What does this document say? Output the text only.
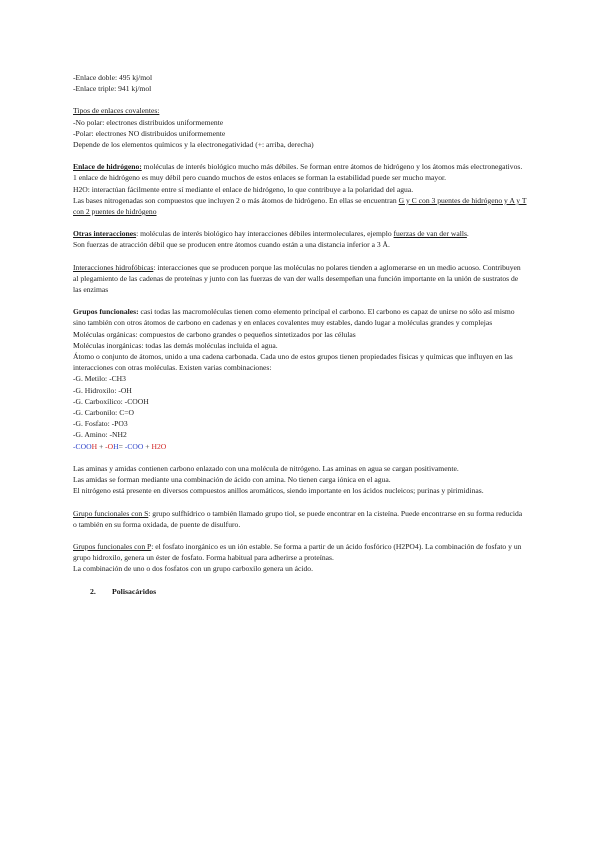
-Enlace doble: 495 kj/mol

-Enlace triple: 941 kj/mol

Tipos de enlaces covalentes:

-No polar: electrones distribuidos uniformemente

-Polar: electrones NO distribuidos uniformemente

Depende de los elementos químicos y la electronegatividad (+: arriba, derecha)

Enlace de hidrógeno: moléculas de interés biológico mucho más débiles. Se forman entre átomos de hidrógeno y los átomos más electronegativos.

1 enlace de hidrógeno es muy débil pero cuando muchos de estos enlaces se forman la estabilidad puede ser mucho mayor.

H2O: interactúan fácilmente entre sí mediante el enlace de hidrógeno, lo que contribuye a la polaridad del agua.

Las bases nitrogenadas son compuestos que incluyen 2 o más átomos de hidrógeno. En ellas se encuentran G y C con 3 puentes de hidrógeno y A y T con 2 puentes de hidrógeno

Otras interacciones: moléculas de interés biológico hay interacciones débiles intermoleculares, ejemplo fuerzas de van der walls.

Son fuerzas de atracción débil que se producen entre átomos cuando están a una distancia inferior a 3 Å.

Interacciones hidrofóbicas: interacciones que se producen porque las moléculas no polares tienden a aglomerarse en un medio acuoso. Contribuyen al plegamiento de las cadenas de proteínas y junto con las fuerzas de van der walls desempeñan una función importante en la unión de sustratos de las enzimas

Grupos funcionales: casi todas las macromoléculas tienen como elemento principal el carbono. El carbono es capaz de unirse no sólo así mismo sino también con otros átomos de carbono en cadenas y en enlaces covalentes muy estables, dando lugar a moléculas grandes y complejas

Moléculas orgánicas: compuestos de carbono grandes o pequeños sintetizados por las células

Moléculas inorgánicas: todas las demás moléculas incluida el agua.

Átomo o conjunto de átomos, unido a una cadena carbonada. Cada uno de estos grupos tienen propiedades físicas y químicas que influyen en las interacciones con otras moléculas. Existen varias combinaciones:

-G. Metilo: -CH3

-G. Hidroxilo: -OH

-G. Carboxílico: -COOH

-G. Carbonilo: C=O

-G. Fosfato: -PO3

-G. Amino: -NH2

-COOH + -OH= -COO + H2O

Las aminas y amidas contienen carbono enlazado con una molécula de nitrógeno. Las aminas en agua se cargan positivamente.

Las amidas se forman mediante una combinación de ácido con amina. No tienen carga iónica en el agua.

El nitrógeno está presente en diversos compuestos anillos aromáticos, siendo importante en los ácidos nucleicos; purinas y pirimidinas.

Grupo funcionales con S: grupo sulfhídrico o también llamado grupo tiol, se puede encontrar en la cisteína. Puede encontrarse en su forma reducida o también en su forma oxidada, de puente de disulfuro.

Grupos funcionales con P: el fosfato inorgánico es un ión estable. Se forma a partir de un ácido fosfórico (H2PO4). La combinación de fosfato y un grupo hidroxilo, genera un éster de fosfato. Forma habitual para adherirse a proteínas.

La combinación de uno o dos fosfatos con un grupo carboxilo genera un ácido.

2. Polisacáridos
